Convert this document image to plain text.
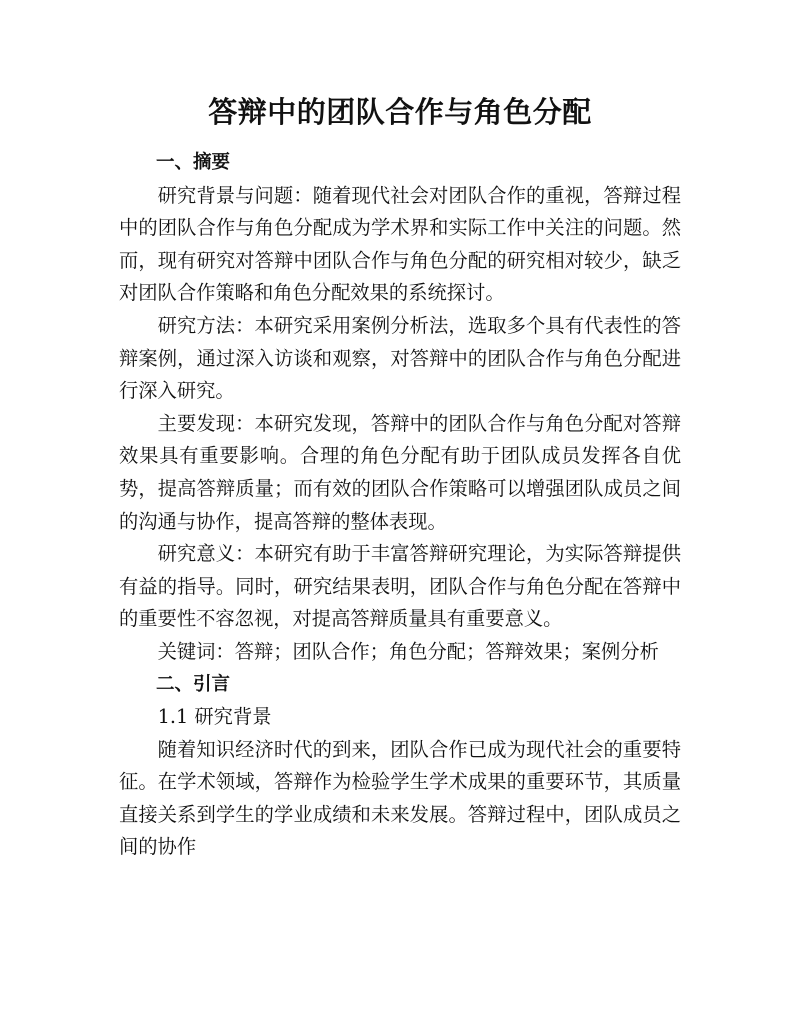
答辩中的团队合作与角色分配

一、摘要

研究背景与问题：随着现代社会对团队合作的重视，答辩过程中的团队合作与角色分配成为学术界和实际工作中关注的问题。然而，现有研究对答辩中团队合作与角色分配的研究相对较少，缺乏对团队合作策略和角色分配效果的系统探讨。

研究方法：本研究采用案例分析法，选取多个具有代表性的答辩案例，通过深入访谈和观察，对答辩中的团队合作与角色分配进行深入研究。

主要发现：本研究发现，答辩中的团队合作与角色分配对答辩效果具有重要影响。合理的角色分配有助于团队成员发挥各自优势，提高答辩质量；而有效的团队合作策略可以增强团队成员之间的沟通与协作，提高答辩的整体表现。

研究意义：本研究有助于丰富答辩研究理论，为实际答辩提供有益的指导。同时，研究结果表明，团队合作与角色分配在答辩中的重要性不容忽视，对提高答辩质量具有重要意义。

关键词：答辩；团队合作；角色分配；答辩效果；案例分析

二、引言

1.1 研究背景

随着知识经济时代的到来，团队合作已成为现代社会的重要特征。在学术领域，答辩作为检验学生学术成果的重要环节，其质量直接关系到学生的学业成绩和未来发展。答辩过程中，团队成员之间的协作
